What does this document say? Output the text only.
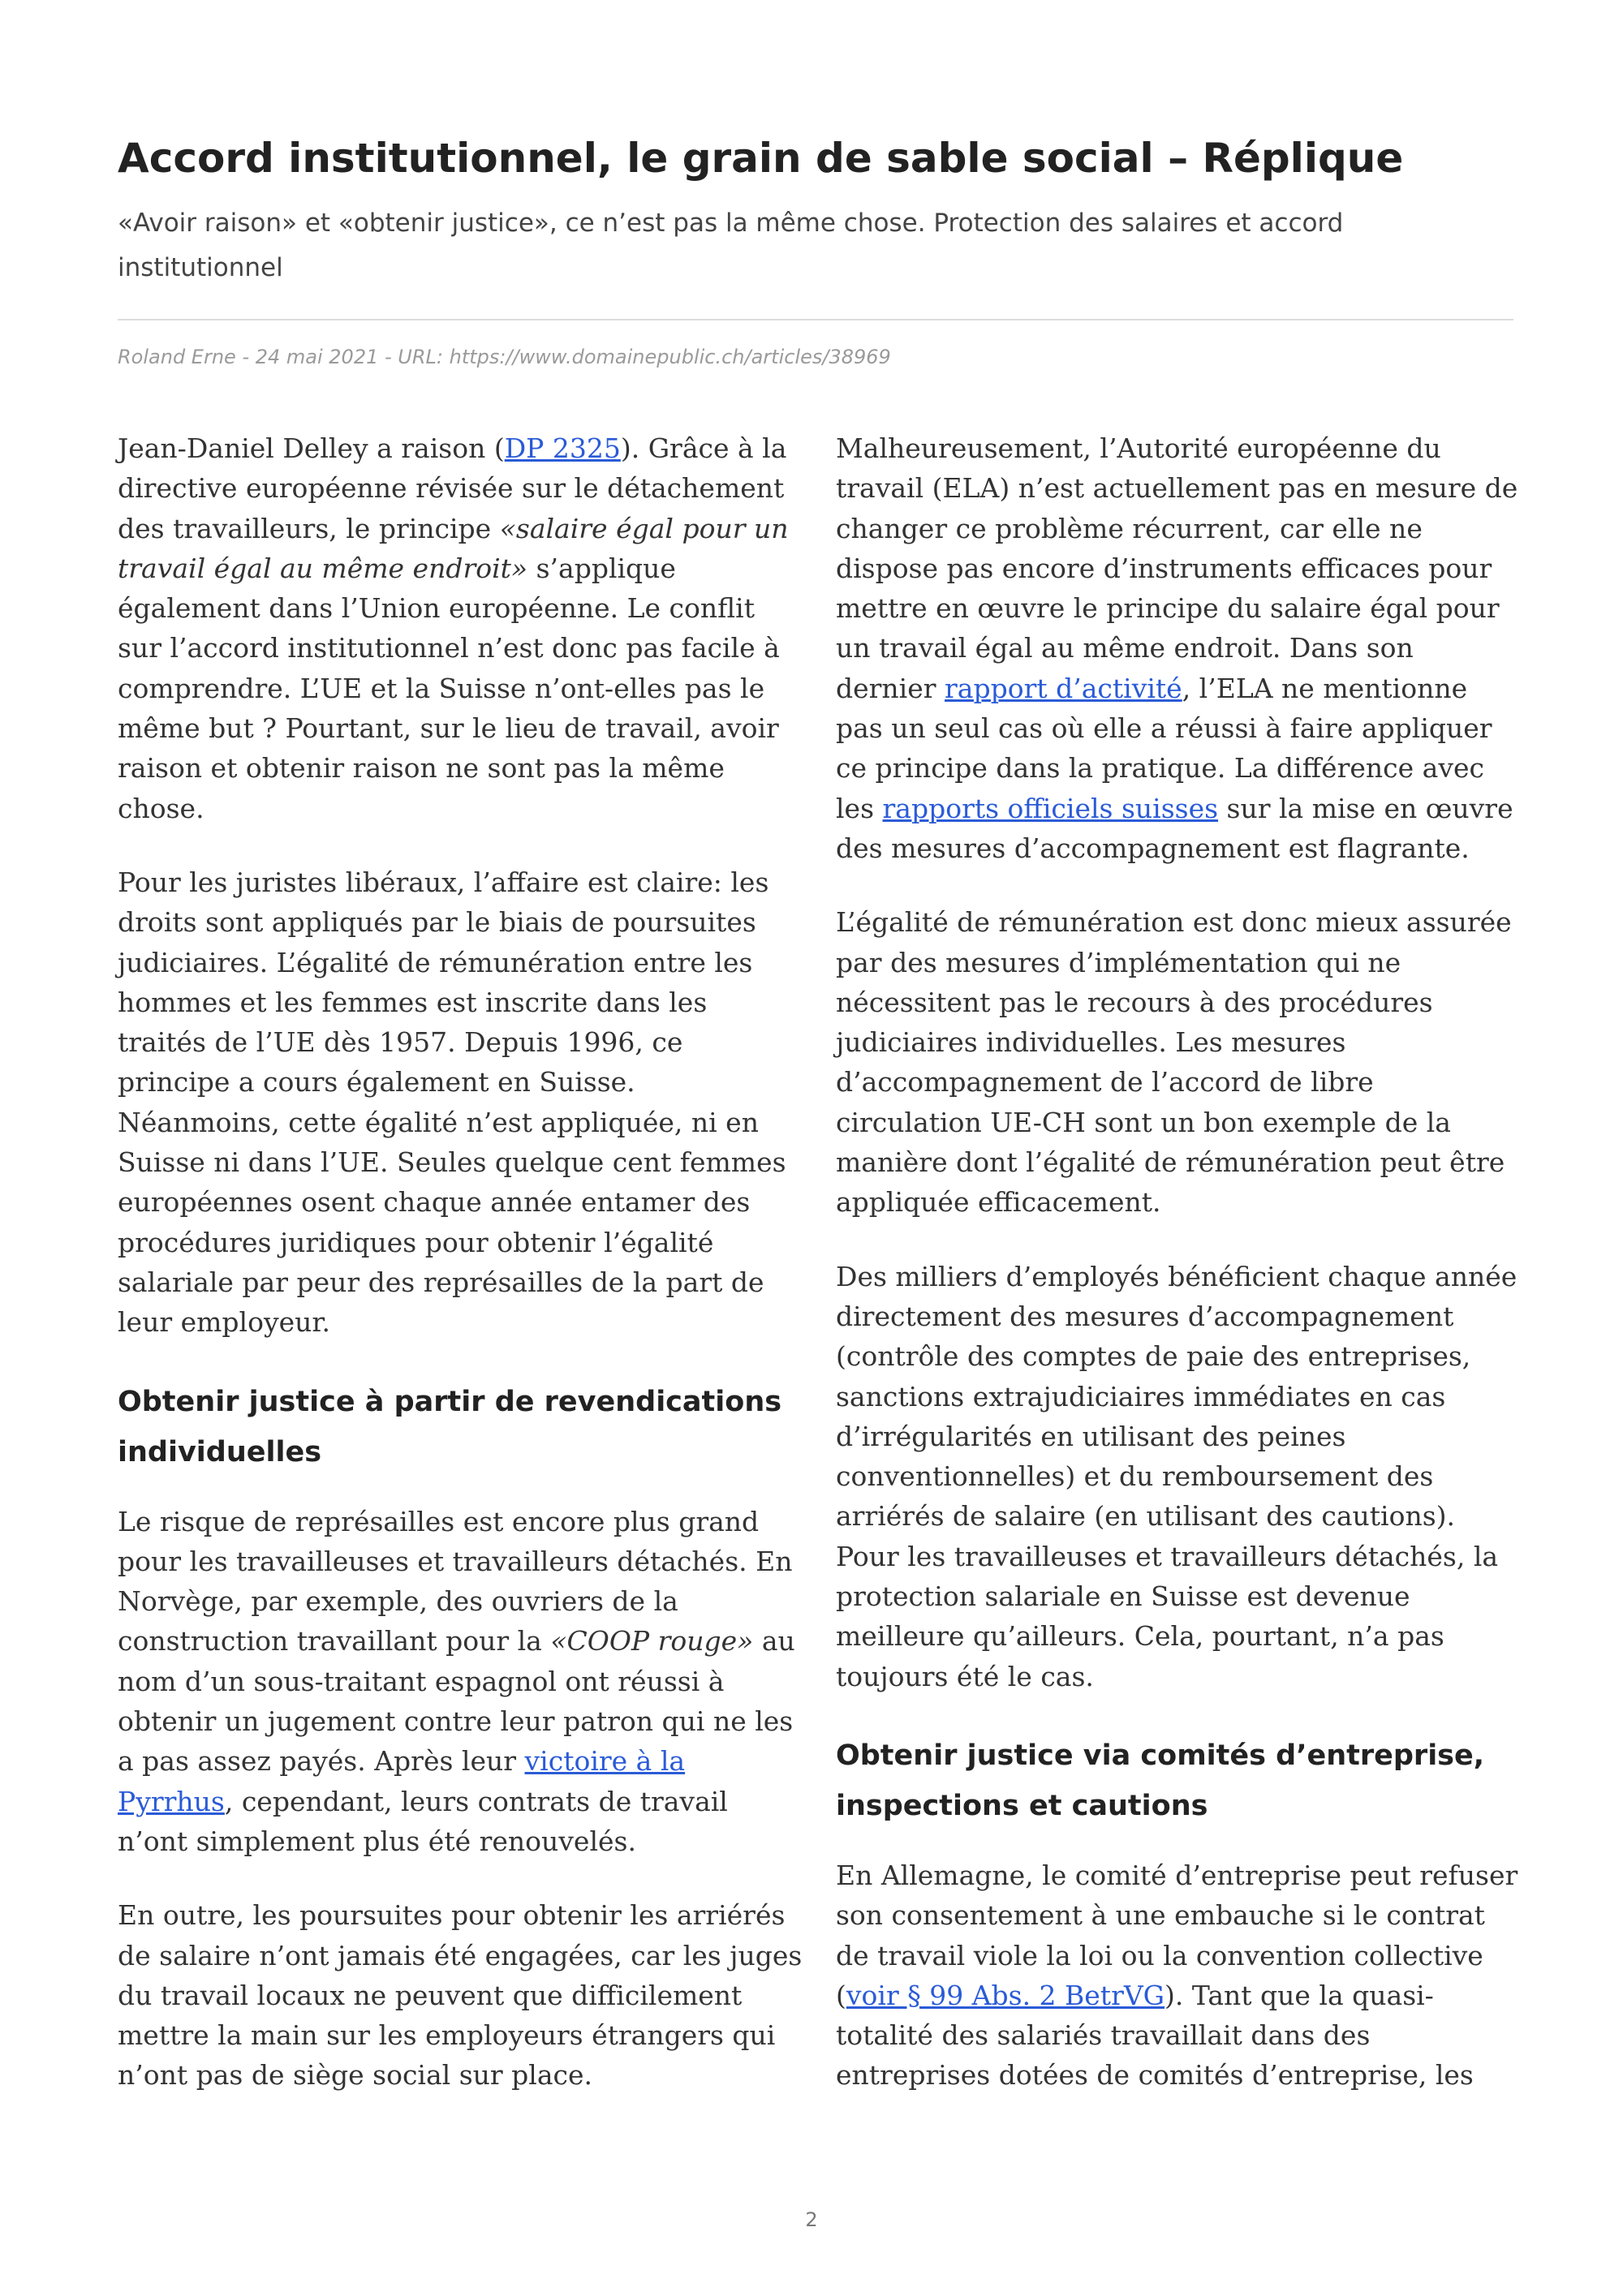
Accord institutionnel, le grain de sable social – Réplique
«Avoir raison» et «obtenir justice», ce n’est pas la même chose. Protection des salaires et accord institutionnel
Roland Erne - 24 mai 2021 - URL: https://www.domainepublic.ch/articles/38969

Jean-Daniel Delley a raison (DP 2325). Grâce à la directive européenne révisée sur le détachement des travailleurs, le principe «salaire égal pour un travail égal au même endroit» s’applique également dans l’Union européenne. Le conflit sur l’accord institutionnel n’est donc pas facile à comprendre. L’UE et la Suisse n’ont-elles pas le même but ? Pourtant, sur le lieu de travail, avoir raison et obtenir raison ne sont pas la même chose.

Pour les juristes libéraux, l’affaire est claire: les droits sont appliqués par le biais de poursuites judiciaires. L’égalité de rémunération entre les hommes et les femmes est inscrite dans les traités de l’UE dès 1957. Depuis 1996, ce principe a cours également en Suisse. Néanmoins, cette égalité n’est appliquée, ni en Suisse ni dans l’UE. Seules quelque cent femmes européennes osent chaque année entamer des procédures juridiques pour obtenir l’égalité salariale par peur des représailles de la part de leur employeur.

Obtenir justice à partir de revendications individuelles

Le risque de représailles est encore plus grand pour les travailleuses et travailleurs détachés. En Norvège, par exemple, des ouvriers de la construction travaillant pour la «COOP rouge» au nom d’un sous-traitant espagnol ont réussi à obtenir un jugement contre leur patron qui ne les a pas assez payés. Après leur victoire à la Pyrrhus, cependant, leurs contrats de travail n’ont simplement plus été renouvelés.

En outre, les poursuites pour obtenir les arriérés de salaire n’ont jamais été engagées, car les juges du travail locaux ne peuvent que difficilement mettre la main sur les employeurs étrangers qui n’ont pas de siège social sur place.

Malheureusement, l’Autorité européenne du travail (ELA) n’est actuellement pas en mesure de changer ce problème récurrent, car elle ne dispose pas encore d’instruments efficaces pour mettre en œuvre le principe du salaire égal pour un travail égal au même endroit. Dans son dernier rapport d’activité, l’ELA ne mentionne pas un seul cas où elle a réussi à faire appliquer ce principe dans la pratique. La différence avec les rapports officiels suisses sur la mise en œuvre des mesures d’accompagnement est flagrante.

L’égalité de rémunération est donc mieux assurée par des mesures d’implémentation qui ne nécessitent pas le recours à des procédures judiciaires individuelles. Les mesures d’accompagnement de l’accord de libre circulation UE-CH sont un bon exemple de la manière dont l’égalité de rémunération peut être appliquée efficacement.

Des milliers d’employés bénéficient chaque année directement des mesures d’accompagnement (contrôle des comptes de paie des entreprises, sanctions extrajudiciaires immédiates en cas d’irrégularités en utilisant des peines conventionnelles) et du remboursement des arriérés de salaire (en utilisant des cautions). Pour les travailleuses et travailleurs détachés, la protection salariale en Suisse est devenue meilleure qu’ailleurs. Cela, pourtant, n’a pas toujours été le cas.

Obtenir justice via comités d’entreprise, inspections et cautions

En Allemagne, le comité d’entreprise peut refuser son consentement à une embauche si le contrat de travail viole la loi ou la convention collective (voir § 99 Abs. 2 BetrVG). Tant que la quasi-totalité des salariés travaillait dans des entreprises dotées de comités d’entreprise, les

2
